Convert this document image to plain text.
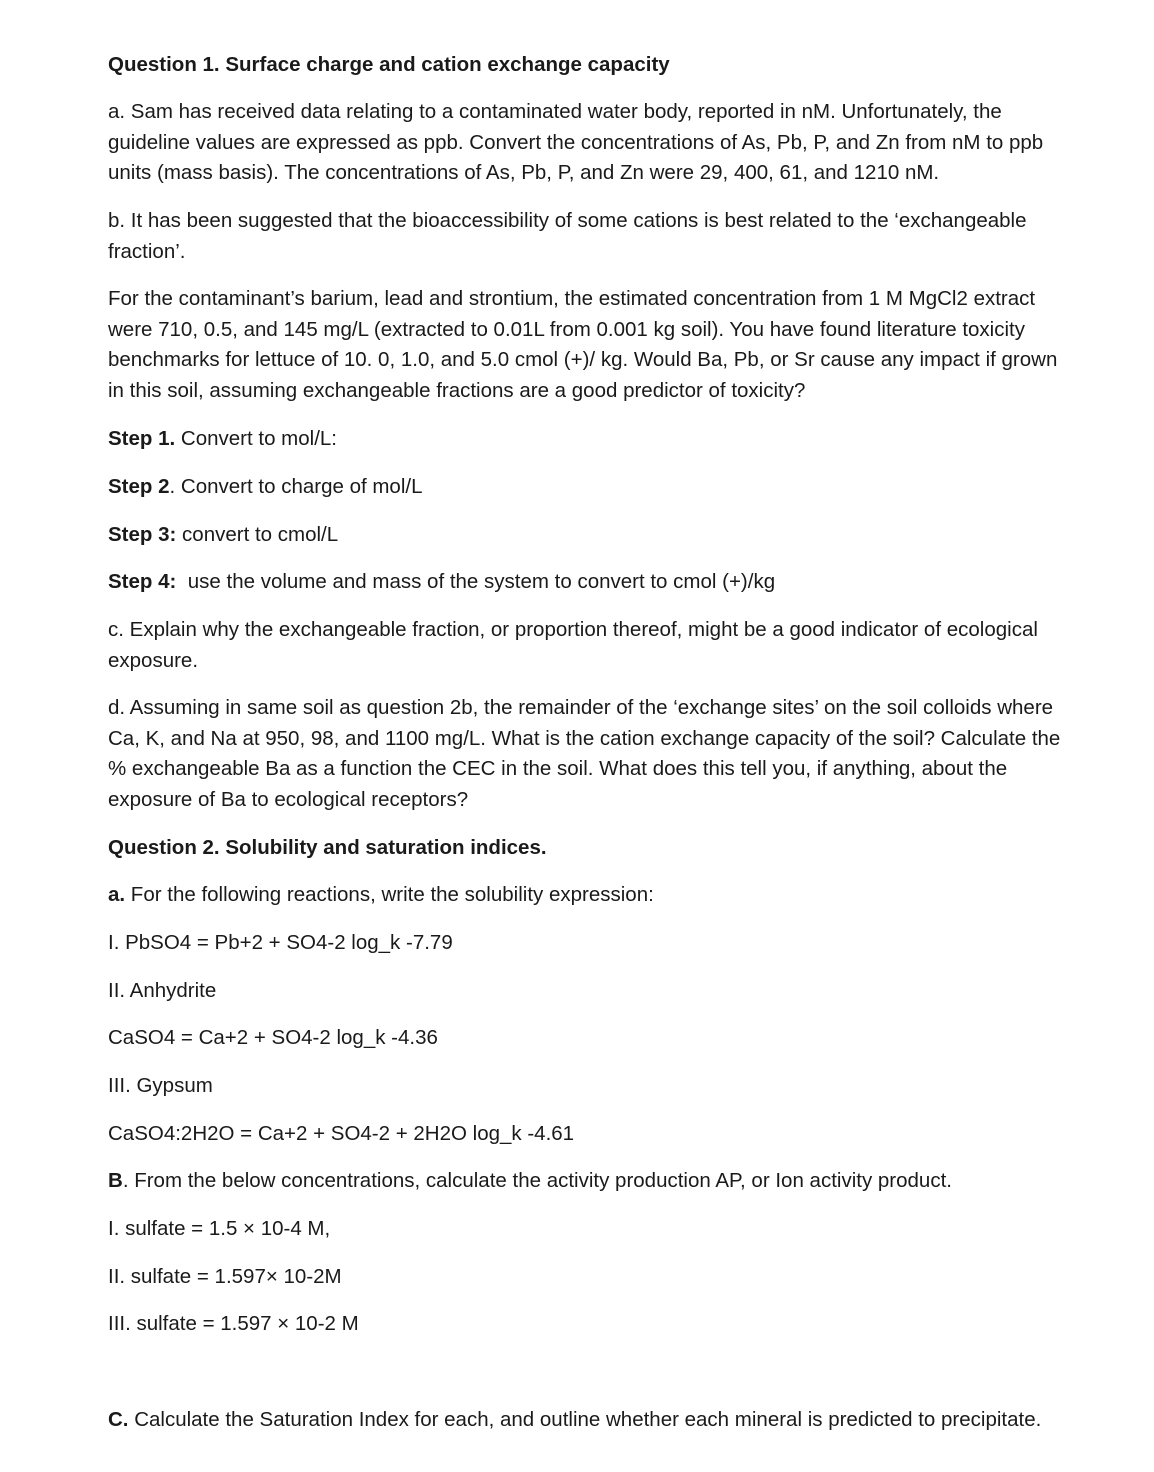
Question 1. Surface charge and cation exchange capacity

a. Sam has received data relating to a contaminated water body, reported in nM. Unfortunately, the guideline values are expressed as ppb. Convert the concentrations of As, Pb, P, and Zn from nM to ppb units (mass basis). The concentrations of As, Pb, P, and Zn were 29, 400, 61, and 1210 nM.

b. It has been suggested that the bioaccessibility of some cations is best related to the ‘exchangeable fraction’.

For the contaminant’s barium, lead and strontium, the estimated concentration from 1 M MgCl2 extract were 710, 0.5, and 145 mg/L (extracted to 0.01L from 0.001 kg soil). You have found literature toxicity benchmarks for lettuce of 10. 0, 1.0, and 5.0 cmol (+)/ kg. Would Ba, Pb, or Sr cause any impact if grown in this soil, assuming exchangeable fractions are a good predictor of toxicity?

Step 1. Convert to mol/L:

Step 2. Convert to charge of mol/L

Step 3: convert to cmol/L

Step 4:  use the volume and mass of the system to convert to cmol (+)/kg

c. Explain why the exchangeable fraction, or proportion thereof, might be a good indicator of ecological exposure.

d. Assuming in same soil as question 2b, the remainder of the ‘exchange sites’ on the soil colloids where Ca, K, and Na at 950, 98, and 1100 mg/L. What is the cation exchange capacity of the soil? Calculate the % exchangeable Ba as a function the CEC in the soil. What does this tell you, if anything, about the exposure of Ba to ecological receptors?

Question 2. Solubility and saturation indices.

a. For the following reactions, write the solubility expression:

I. PbSO4 = Pb+2 + SO4-2 log_k -7.79

II. Anhydrite

CaSO4 = Ca+2 + SO4-2 log_k -4.36

III. Gypsum

CaSO4:2H2O = Ca+2 + SO4-2 + 2H2O log_k -4.61

B. From the below concentrations, calculate the activity production AP, or Ion activity product.

I. sulfate = 1.5 × 10-4 M,

II. sulfate = 1.597× 10-2M

III. sulfate = 1.597 × 10-2 M

C. Calculate the Saturation Index for each, and outline whether each mineral is predicted to precipitate.
